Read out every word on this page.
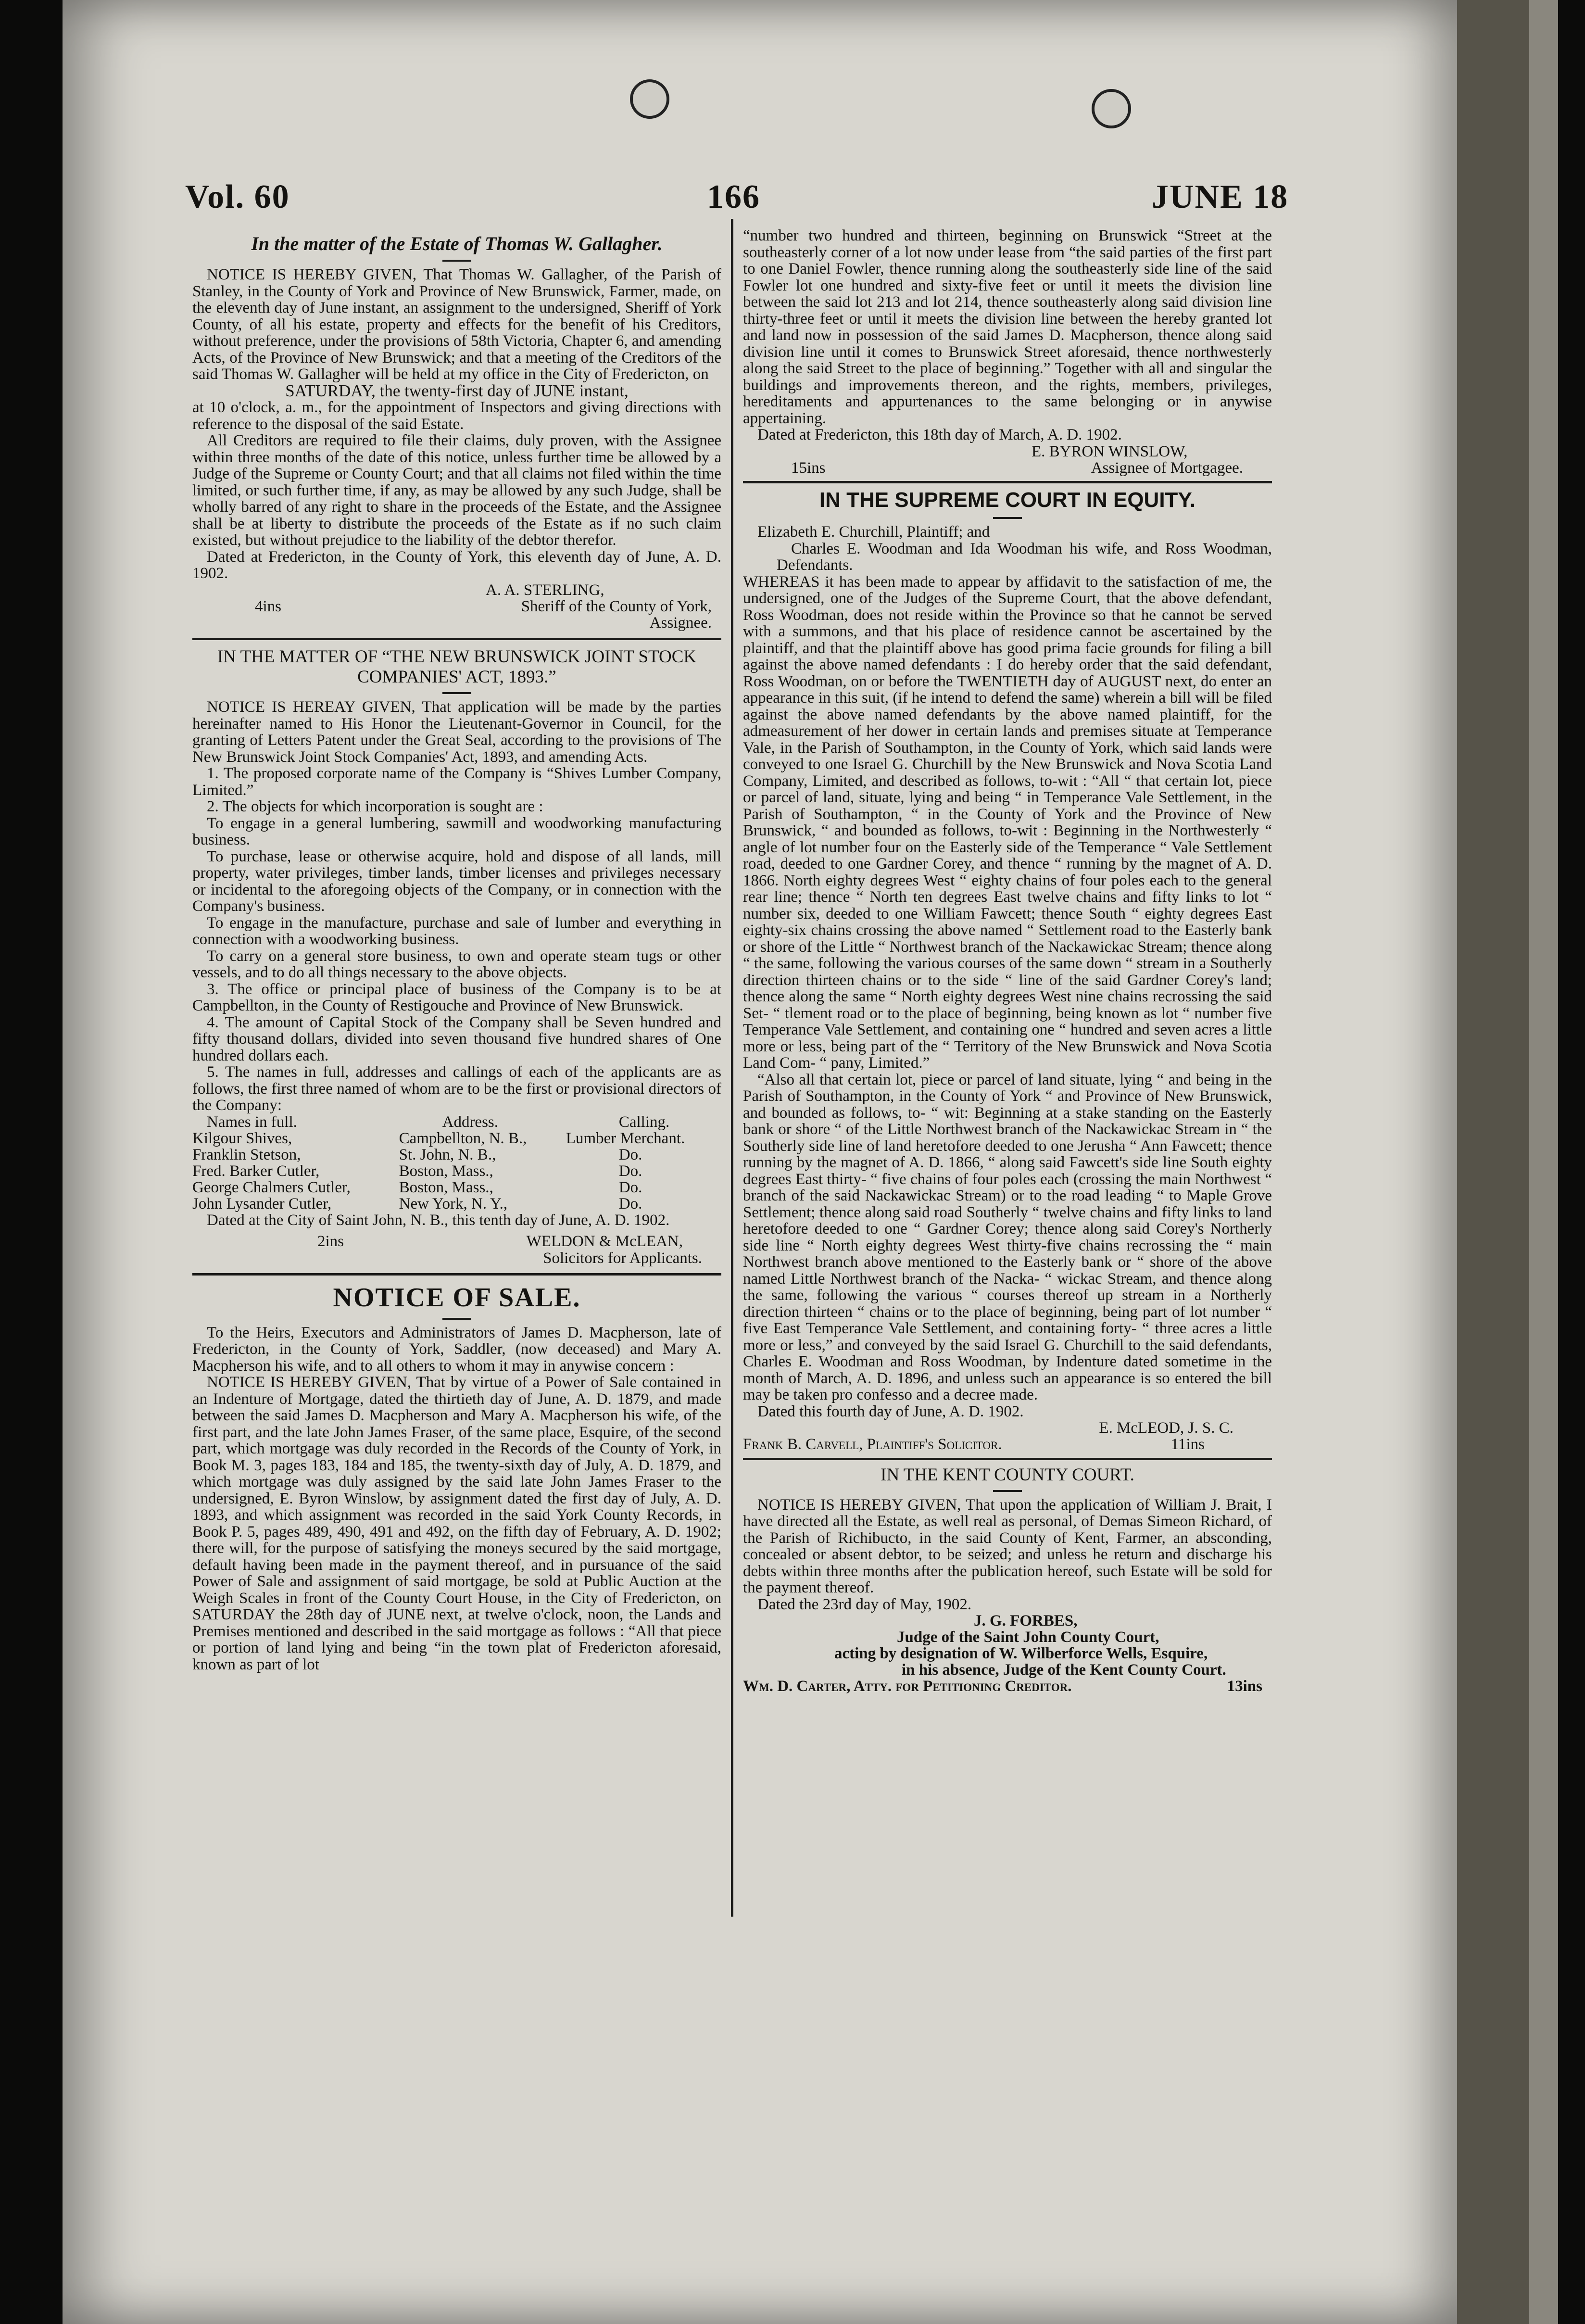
Vol. 60	166	JUNE 18
In the matter of the Estate of Thomas W. Gallagher.

NOTICE IS HEREBY GIVEN, That Thomas W. Gallagher, of the Parish of Stanley, in the County of York and Province of New Brunswick, Farmer, made, on the eleventh day of June instant, an assignment to the undersigned, Sheriff of York County, of all his estate, property and effects for the benefit of his Creditors, without preference, under the provisions of 58th Victoria, Chapter 6, and amending Acts, of the Province of New Brunswick; and that a meeting of the Creditors of the said Thomas W. Gallagher will be held at my office in the City of Fredericton, on

SATURDAY, the twenty-first day of JUNE instant,

at 10 o'clock, a. m., for the appointment of Inspectors and giving directions with reference to the disposal of the said Estate.

All Creditors are required to file their claims, duly proven, with the Assignee within three months of the date of this notice, unless further time be allowed by a Judge of the Supreme or County Court; and that all claims not filed within the time limited, or such further time, if any, as may be allowed by any such Judge, shall be wholly barred of any right to share in the proceeds of the Estate, and the Assignee shall be at liberty to distribute the proceeds of the Estate as if no such claim existed, but without prejudice to the liability of the debtor therefor.

Dated at Fredericton, in the County of York, this eleventh day of June, A. D. 1902.

A. A. STERLING,

4ins	Sheriff of the County of York,

Assignee.

IN THE MATTER OF “THE NEW BRUNSWICK JOINT STOCK COMPANIES' ACT, 1893.”

NOTICE IS HEREAY GIVEN, That application will be made by the parties hereinafter named to His Honor the Lieutenant-Governor in Council, for the granting of Letters Patent under the Great Seal, according to the provisions of The New Brunswick Joint Stock Companies' Act, 1893, and amending Acts.

1. The proposed corporate name of the Company is “Shives Lumber Company, Limited.”

2. The objects for which incorporation is sought are :

To engage in a general lumbering, sawmill and woodworking manufacturing business.

To purchase, lease or otherwise acquire, hold and dispose of all lands, mill property, water privileges, timber lands, timber licenses and privileges necessary or incidental to the aforegoing objects of the Company, or in connection with the Company's business.

To engage in the manufacture, purchase and sale of lumber and everything in connection with a woodworking business.

To carry on a general store business, to own and operate steam tugs or other vessels, and to do all things necessary to the above objects.

3. The office or principal place of business of the Company is to be at Campbellton, in the County of Restigouche and Province of New Brunswick.

4. The amount of Capital Stock of the Company shall be Seven hundred and fifty thousand dollars, divided into seven thousand five hundred shares of One hundred dollars each.

5. The names in full, addresses and callings of each of the applicants are as follows, the first three named of whom are to be the first or provisional directors of the Company:

Names in full.	Address.	Calling.
Kilgour Shives,	Campbellton, N. B.,	Lumber Merchant.
Franklin Stetson,	St. John, N. B.,	Do.
Fred. Barker Cutler,	Boston, Mass.,	Do.
George Chalmers Cutler,	Boston, Mass.,	Do.
John Lysander Cutler,	New York, N. Y.,	Do.

Dated at the City of Saint John, N. B., this tenth day of June, A. D. 1902.

2ins	WELDON & McLEAN,

Solicitors for Applicants.

NOTICE OF SALE.

To the Heirs, Executors and Administrators of James D. Macpherson, late of Fredericton, in the County of York, Saddler, (now deceased) and Mary A. Macpherson his wife, and to all others to whom it may in anywise concern :

NOTICE IS HEREBY GIVEN, That by virtue of a Power of Sale contained in an Indenture of Mortgage, dated the thirtieth day of June, A. D. 1879, and made between the said James D. Macpherson and Mary A. Macpherson his wife, of the first part, and the late John James Fraser, of the same place, Esquire, of the second part, which mortgage was duly recorded in the Records of the County of York, in Book M. 3, pages 183, 184 and 185, the twenty-sixth day of July, A. D. 1879, and which mortgage was duly assigned by the said late John James Fraser to the undersigned, E. Byron Winslow, by assignment dated the first day of July, A. D. 1893, and which assignment was recorded in the said York County Records, in Book P. 5, pages 489, 490, 491 and 492, on the fifth day of February, A. D. 1902; there will, for the purpose of satisfying the moneys secured by the said mortgage, default having been made in the payment thereof, and in pursuance of the said Power of Sale and assignment of said mortgage, be sold at Public Auction at the Weigh Scales in front of the County Court House, in the City of Fredericton, on SATURDAY the 28th day of JUNE next, at twelve o'clock, noon, the Lands and Premises mentioned and described in the said mortgage as follows : “All that piece or portion of land lying and being “in the town plat of Fredericton aforesaid, known as part of lot

“number two hundred and thirteen, beginning on Brunswick “Street at the southeasterly corner of a lot now under lease from “the said parties of the first part to one Daniel Fowler, thence running along the southeasterly side line of the said Fowler lot one hundred and sixty-five feet or until it meets the division line between the said lot 213 and lot 214, thence southeasterly along said division line thirty-three feet or until it meets the division line between the hereby granted lot and land now in possession of the said James D. Macpherson, thence along said division line until it comes to Brunswick Street aforesaid, thence northwesterly along the said Street to the place of beginning.” Together with all and singular the buildings and improvements thereon, and the rights, members, privileges, hereditaments and appurtenances to the same belonging or in anywise appertaining.

Dated at Fredericton, this 18th day of March, A. D. 1902.

E. BYRON WINSLOW,

15ins	Assignee of Mortgagee.

IN THE SUPREME COURT IN EQUITY.

Elizabeth E. Churchill, Plaintiff; and

Charles E. Woodman and Ida Woodman his wife, and Ross Woodman, Defendants.

WHEREAS it has been made to appear by affidavit to the satisfaction of me, the undersigned, one of the Judges of the Supreme Court, that the above defendant, Ross Woodman, does not reside within the Province so that he cannot be served with a summons, and that his place of residence cannot be ascertained by the plaintiff, and that the plaintiff above has good prima facie grounds for filing a bill against the above named defendants : I do hereby order that the said defendant, Ross Woodman, on or before the TWENTIETH day of AUGUST next, do enter an appearance in this suit, (if he intend to defend the same) wherein a bill will be filed against the above named defendants by the above named plaintiff, for the admeasurement of her dower in certain lands and premises situate at Temperance Vale, in the Parish of Southampton, in the County of York, which said lands were conveyed to one Israel G. Churchill by the New Brunswick and Nova Scotia Land Company, Limited, and described as follows, to-wit : “All “ that certain lot, piece or parcel of land, situate, lying and being “ in Temperance Vale Settlement, in the Parish of Southampton, “ in the County of York and the Province of New Brunswick, “ and bounded as follows, to-wit : Beginning in the Northwesterly “ angle of lot number four on the Easterly side of the Temperance “ Vale Settlement road, deeded to one Gardner Corey, and thence “ running by the magnet of A. D. 1866. North eighty degrees West “ eighty chains of four poles each to the general rear line; thence “ North ten degrees East twelve chains and fifty links to lot “ number six, deeded to one William Fawcett; thence South “ eighty degrees East eighty-six chains crossing the above named “ Settlement road to the Easterly bank or shore of the Little “ Northwest branch of the Nackawickac Stream; thence along “ the same, following the various courses of the same down “ stream in a Southerly direction thirteen chains or to the side “ line of the said Gardner Corey's land; thence along the same “ North eighty degrees West nine chains recrossing the said Set- “ tlement road or to the place of beginning, being known as lot “ number five Temperance Vale Settlement, and containing one “ hundred and seven acres a little more or less, being part of the “ Territory of the New Brunswick and Nova Scotia Land Com- “ pany, Limited.”

“Also all that certain lot, piece or parcel of land situate, lying “ and being in the Parish of Southampton, in the County of York “ and Province of New Brunswick, and bounded as follows, to- “ wit: Beginning at a stake standing on the Easterly bank or shore “ of the Little Northwest branch of the Nackawickac Stream in “ the Southerly side line of land heretofore deeded to one Jerusha “ Ann Fawcett; thence running by the magnet of A. D. 1866, “ along said Fawcett's side line South eighty degrees East thirty- “ five chains of four poles each (crossing the main Northwest “ branch of the said Nackawickac Stream) or to the road leading “ to Maple Grove Settlement; thence along said road Southerly “ twelve chains and fifty links to land heretofore deeded to one “ Gardner Corey; thence along said Corey's Northerly side line “ North eighty degrees West thirty-five chains recrossing the “ main Northwest branch above mentioned to the Easterly bank or “ shore of the above named Little Northwest branch of the Nacka- “ wickac Stream, and thence along the same, following the various “ courses thereof up stream in a Northerly direction thirteen “ chains or to the place of beginning, being part of lot number “ five East Temperance Vale Settlement, and containing forty- “ three acres a little more or less,” and conveyed by the said Israel G. Churchill to the said defendants, Charles E. Woodman and Ross Woodman, by Indenture dated sometime in the month of March, A. D. 1896, and unless such an appearance is so entered the bill may be taken pro confesso and a decree made.

Dated this fourth day of June, A. D. 1902.

E. McLEOD, J. S. C.

Frank B. Carvell, Plaintiff's Solicitor.	11ins

IN THE KENT COUNTY COURT.

NOTICE IS HEREBY GIVEN, That upon the application of William J. Brait, I have directed all the Estate, as well real as personal, of Demas Simeon Richard, of the Parish of Richibucto, in the said County of Kent, Farmer, an absconding, concealed or absent debtor, to be seized; and unless he return and discharge his debts within three months after the publication hereof, such Estate will be sold for the payment thereof.

Dated the 23rd day of May, 1902.

J. G. FORBES,

Judge of the Saint John County Court,

acting by designation of W. Wilberforce Wells, Esquire,

in his absence, Judge of the Kent County Court.

Wm. D. Carter, Atty. for Petitioning Creditor.	13ins
